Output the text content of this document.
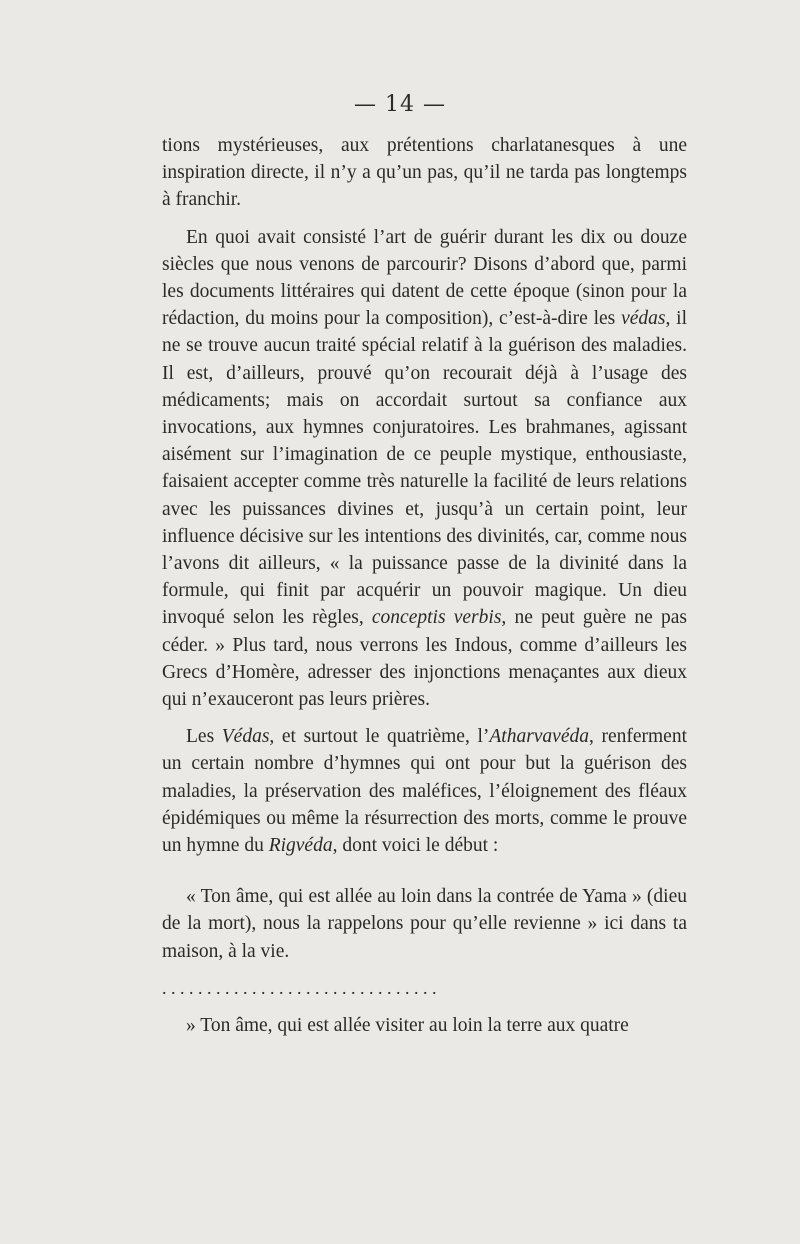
— 14 —

tions mystérieuses, aux prétentions charlatanesques à une inspiration directe, il n’y a qu’un pas, qu’il ne tarda pas longtemps à franchir.

En quoi avait consisté l’art de guérir durant les dix ou douze siècles que nous venons de parcourir? Disons d’abord que, parmi les documents littéraires qui datent de cette époque (sinon pour la rédaction, du moins pour la composition), c’est-à-dire les védas, il ne se trouve aucun traité spécial relatif à la guérison des maladies. Il est, d’ailleurs, prouvé qu’on recourait déjà à l’usage des médicaments; mais on accordait surtout sa confiance aux invocations, aux hymnes conjuratoires. Les brahmanes, agissant aisément sur l’imagination de ce peuple mystique, enthousiaste, faisaient accepter comme très naturelle la facilité de leurs relations avec les puissances divines et, jusqu’à un certain point, leur influence décisive sur les intentions des divinités, car, comme nous l’avons dit ailleurs, « la puissance passe de la divinité dans la formule, qui finit par acquérir un pouvoir magique. Un dieu invoqué selon les règles, conceptis verbis, ne peut guère ne pas céder. » Plus tard, nous verrons les Indous, comme d’ailleurs les Grecs d’Homère, adresser des injonctions menaçantes aux dieux qui n’exauceront pas leurs prières.

Les Védas, et surtout le quatrième, l’Atharvavéda, renferment un certain nombre d’hymnes qui ont pour but la guérison des maladies, la préservation des maléfices, l’éloignement des fléaux épidémiques ou même la résurrection des morts, comme le prouve un hymne du Rigvéda, dont voici le début :

« Ton âme, qui est allée au loin dans la contrée de Yama » (dieu de la mort), nous la rappelons pour qu’elle revienne » ici dans ta maison, à la vie.

. . . . . . . . . . . . . . . . . . . . . . . . . . . . . . .

» Ton âme, qui est allée visiter au loin la terre aux quatre
